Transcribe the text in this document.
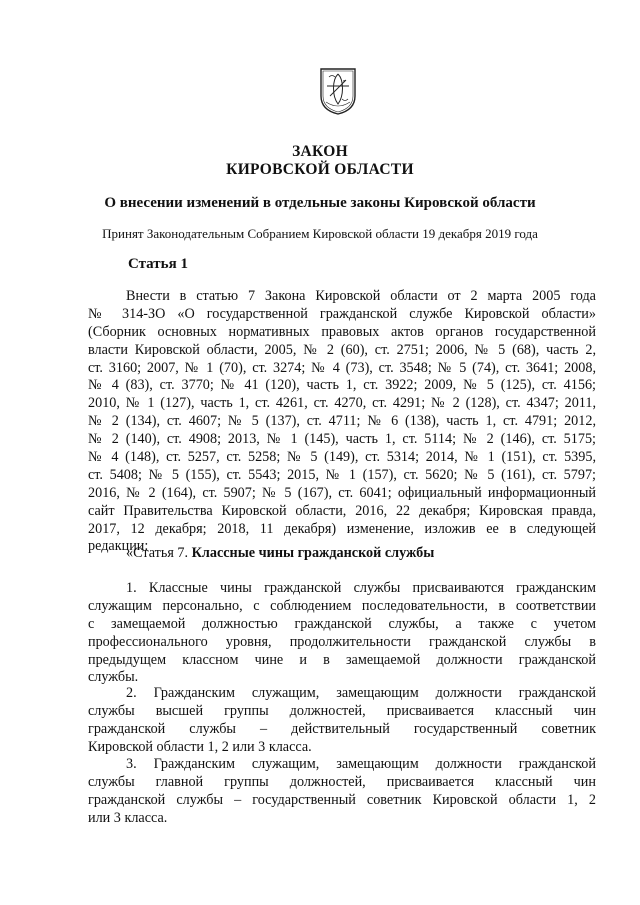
ЗАКОН
КИРОВСКОЙ ОБЛАСТИ
О внесении изменений в отдельные законы Кировской области
Принят Законодательным Собранием Кировской области 19 декабря 2019 года
Статья 1
Внести в статью 7 Закона Кировской области от 2 марта 2005 года
№ 314-ЗО «О государственной гражданской службе Кировской области»
(Сборник основных нормативных правовых актов органов государственной
власти Кировской области, 2005, № 2 (60), ст. 2751; 2006, № 5 (68), часть 2,
ст. 3160; 2007, № 1 (70), ст. 3274; № 4 (73), ст. 3548; № 5 (74), ст. 3641; 2008,
№ 4 (83), ст. 3770; № 41 (120), часть 1, ст. 3922; 2009, № 5 (125), ст. 4156;
2010, № 1 (127), часть 1, ст. 4261, ст. 4270, ст. 4291; № 2 (128), ст. 4347; 2011,
№ 2 (134), ст. 4607; № 5 (137), ст. 4711; № 6 (138), часть 1, ст. 4791; 2012,
№ 2 (140), ст. 4908; 2013, № 1 (145), часть 1, ст. 5114; № 2 (146), ст. 5175;
№ 4 (148), ст. 5257, ст. 5258; № 5 (149), ст. 5314; 2014, № 1 (151), ст. 5395,
ст. 5408; № 5 (155), ст. 5543; 2015, № 1 (157), ст. 5620; № 5 (161), ст. 5797;
2016, № 2 (164), ст. 5907; № 5 (167), ст. 6041; официальный информационный
сайт Правительства Кировской области, 2016, 22 декабря; Кировская правда,
2017, 12 декабря; 2018, 11 декабря) изменение, изложив ее в следующей
редакции:
«Статья 7. Классные чины гражданской службы
1. Классные чины гражданской службы присваиваются гражданским
служащим персонально, с соблюдением последовательности, в соответствии
с замещаемой должностью гражданской службы, а также с учетом
профессионального уровня, продолжительности гражданской службы в
предыдущем классном чине и в замещаемой должности гражданской
службы.
2. Гражданским служащим, замещающим должности гражданской
службы высшей группы должностей, присваивается классный чин
гражданской службы – действительный государственный советник
Кировской области 1, 2 или 3 класса.
3. Гражданским служащим, замещающим должности гражданской
службы главной группы должностей, присваивается классный чин
гражданской службы – государственный советник Кировской области 1, 2
или 3 класса.
